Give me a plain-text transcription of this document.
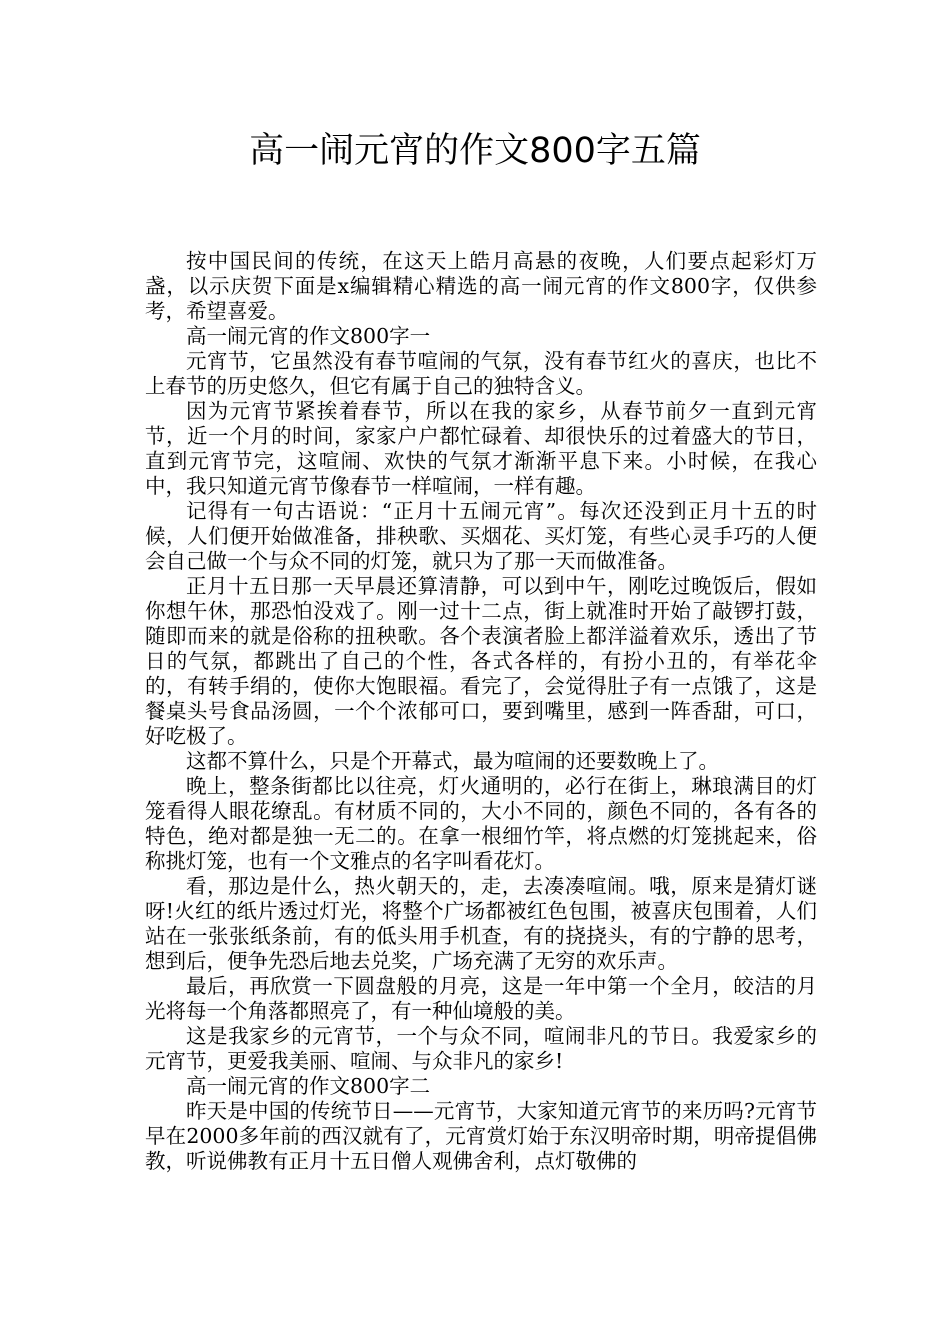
高一闹元宵的作文800字五篇

按中国民间的传统，在这天上皓月高悬的夜晚，人们要点起彩灯万盏，以示庆贺下面是x编辑精心精选的高一闹元宵的作文800字，仅供参考，希望喜爱。

高一闹元宵的作文800字一

元宵节，它虽然没有春节喧闹的气氛，没有春节红火的喜庆，也比不上春节的历史悠久，但它有属于自己的独特含义。

因为元宵节紧挨着春节，所以在我的家乡，从春节前夕一直到元宵节，近一个月的时间，家家户户都忙碌着、却很快乐的过着盛大的节日，直到元宵节完，这喧闹、欢快的气氛才渐渐平息下来。小时候，在我心中，我只知道元宵节像春节一样喧闹，一样有趣。

记得有一句古语说：“正月十五闹元宵”。每次还没到正月十五的时候，人们便开始做准备，排秧歌、买烟花、买灯笼，有些心灵手巧的人便会自己做一个与众不同的灯笼，就只为了那一天而做准备。

正月十五日那一天早晨还算清静，可以到中午，刚吃过晚饭后，假如你想午休，那恐怕没戏了。刚一过十二点，街上就准时开始了敲锣打鼓，随即而来的就是俗称的扭秧歌。各个表演者脸上都洋溢着欢乐，透出了节日的气氛，都跳出了自己的个性，各式各样的，有扮小丑的，有举花伞的，有转手绢的，使你大饱眼福。看完了，会觉得肚子有一点饿了，这是餐桌头号食品汤圆，一个个浓郁可口，要到嘴里，感到一阵香甜，可口，好吃极了。

这都不算什么，只是个开幕式，最为喧闹的还要数晚上了。

晚上，整条街都比以往亮，灯火通明的，必行在街上，琳琅满目的灯笼看得人眼花缭乱。有材质不同的，大小不同的，颜色不同的，各有各的特色，绝对都是独一无二的。在拿一根细竹竿，将点燃的灯笼挑起来，俗称挑灯笼，也有一个文雅点的名字叫看花灯。

看，那边是什么，热火朝天的，走，去凑凑喧闹。哦，原来是猜灯谜呀!火红的纸片透过灯光，将整个广场都被红色包围，被喜庆包围着，人们站在一张张纸条前，有的低头用手机查，有的挠挠头，有的宁静的思考，想到后，便争先恐后地去兑奖，广场充满了无穷的欢乐声。

最后，再欣赏一下圆盘般的月亮，这是一年中第一个全月，皎洁的月光将每一个角落都照亮了，有一种仙境般的美。

这是我家乡的元宵节，一个与众不同，喧闹非凡的节日。我爱家乡的元宵节，更爱我美丽、喧闹、与众非凡的家乡!

高一闹元宵的作文800字二

昨天是中国的传统节日——元宵节，大家知道元宵节的来历吗?元宵节早在2000多年前的西汉就有了，元宵赏灯始于东汉明帝时期，明帝提倡佛教，听说佛教有正月十五日僧人观佛舍利，点灯敬佛的
